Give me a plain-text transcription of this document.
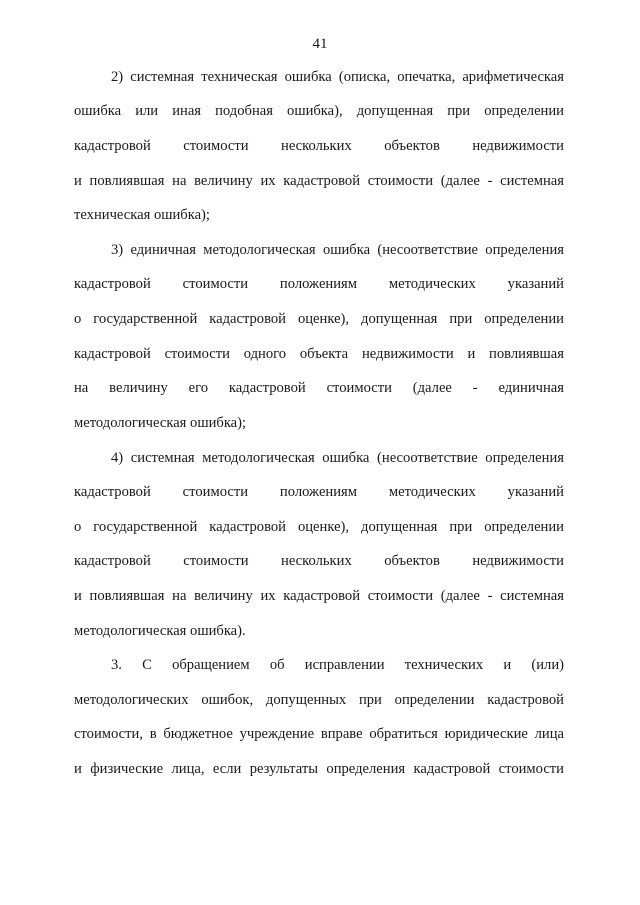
41
2) системная техническая ошибка (описка, опечатка, арифметическая
ошибка или иная подобная ошибка), допущенная при определении
кадастровой стоимости нескольких объектов недвижимости
и повлиявшая на величину их кадастровой стоимости (далее - системная
техническая ошибка);
3) единичная методологическая ошибка (несоответствие определения
кадастровой стоимости положениям методических указаний
о государственной кадастровой оценке), допущенная при определении
кадастровой стоимости одного объекта недвижимости и повлиявшая
на величину его кадастровой стоимости (далее - единичная
методологическая ошибка);
4) системная методологическая ошибка (несоответствие определения
кадастровой стоимости положениям методических указаний
о государственной кадастровой оценке), допущенная при определении
кадастровой стоимости нескольких объектов недвижимости
и повлиявшая на величину их кадастровой стоимости (далее - системная
методологическая ошибка).
3. С обращением об исправлении технических и (или)
методологических ошибок, допущенных при определении кадастровой
стоимости, в бюджетное учреждение вправе обратиться юридические лица
и физические лица, если результаты определения кадастровой стоимости
